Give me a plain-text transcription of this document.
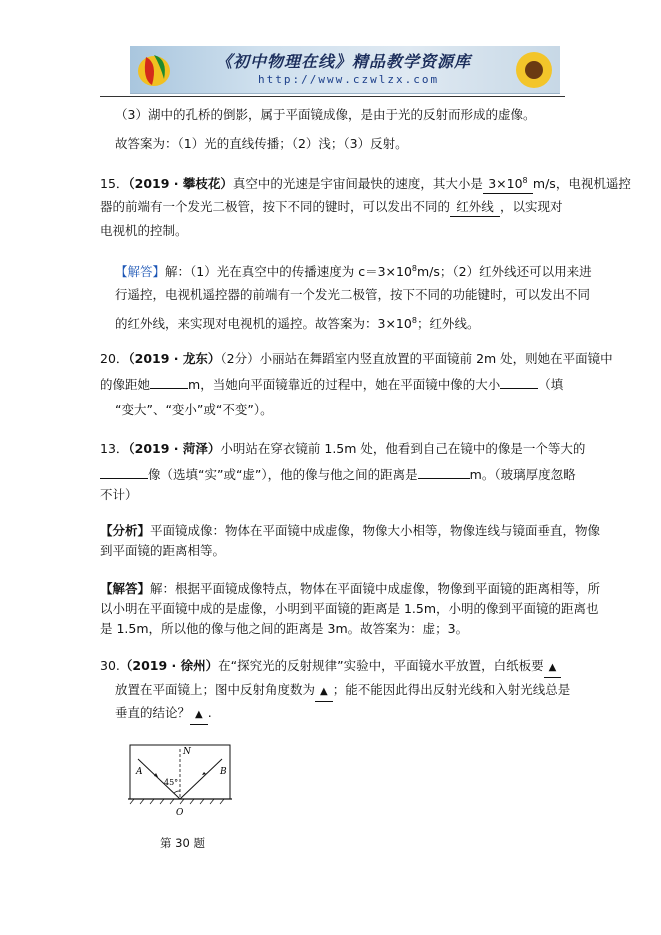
《初中物理在线》精品教学资源库
http://www.czwlzx.com
（3）湖中的孔桥的倒影，属于平面镜成像，是由于光的反射而形成的虚像。
故答案为：（1）光的直线传播；（2）浅；（3）反射。
15．（2019 · 攀枝花）真空中的光速是宇宙间最快的速度，其大小是 $3\times 10^8$ m/s，电视机遥控
器的前端有一个发光二极管，按下不同的键时，可以发出不同的 红外线 ，以实现对
电视机的控制。
【解答】解：（1）光在真空中的传播速度为 $c=3\times 10^8m/s$；（2）红外线还可以用来进
行遥控，电视机遥控器的前端有一个发光二极管，按下不同的功能键时，可以发出不同
的红外线，来实现对电视机的遥控。故答案为：$3\times 10^8$；红外线。
20．（2019 · 龙东）（2分）小丽站在舞蹈室内竖直放置的平面镜前 2m 处，则她在平面镜中
的像距她	m，当她向平面镜靠近的过程中，她在平面镜中像的大小	（填
“变大”、“变小”或“不变”）。
13．（2019 · 菏泽）小明站在穿衣镜前 1.5m 处，他看到自己在镜中的像是一个等大的
像（选填“实”或“虚”），他的像与他之间的距离是	m。（玻璃厚度忽略
不计）
【分析】平面镜成像：物体在平面镜中成虚像，物像大小相等，物像连线与镜面垂直，物像
到平面镜的距离相等。
【解答】解：根据平面镜成像特点，物体在平面镜中成虚像，物像到平面镜的距离相等，所
以小明在平面镜中成的是虚像，小明到平面镜的距离是 1.5m，小明的像到平面镜的距离也
是 1.5m，所以他的像与他之间的距离是 3m。故答案为：虚；3。
30.（2019 · 徐州）在“探究光的反射规律”实验中，平面镜水平放置，白纸板要 ▲
放置在平面镜上；图中反射角度数为 ▲ ；能不能因此得出反射光线和入射光线总是
垂直的结论？ ▲ .
A	B
N
O
45°
第 30 题
